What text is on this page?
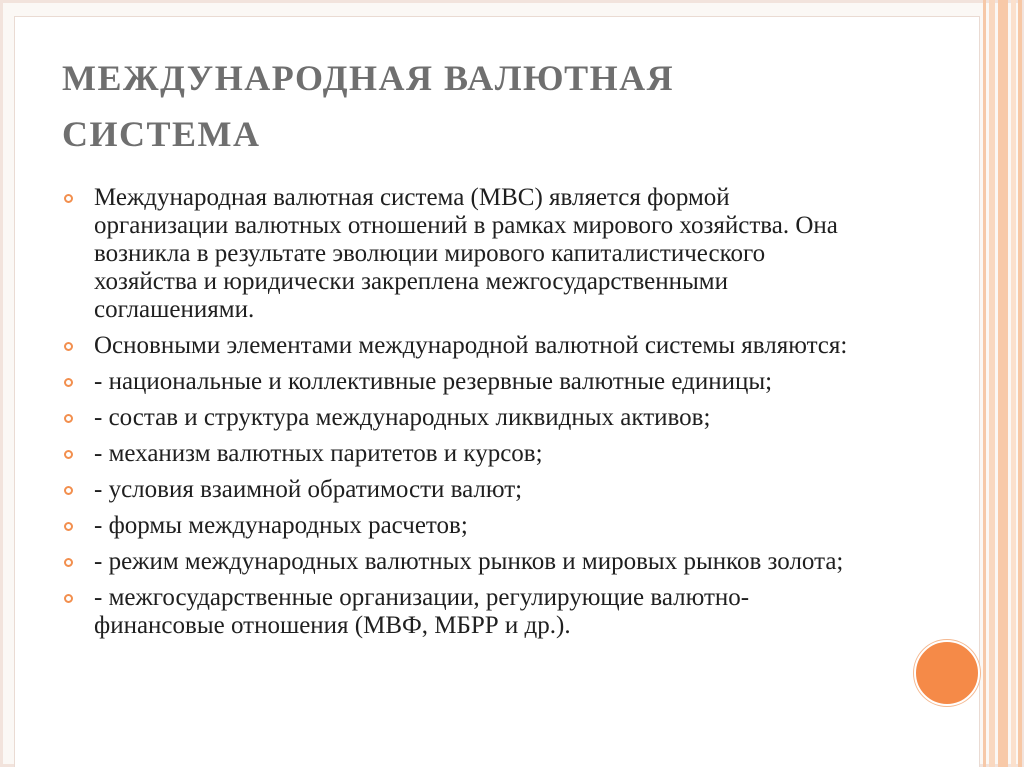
МЕЖДУНАРОДНАЯ ВАЛЮТНАЯ СИСТЕМА
Международная валютная система (МВС) является формой организации валютных отношений в рамках мирового хозяйства. Она возникла в результате эволюции мирового капиталистического хозяйства и юридически закреплена межгосударственными соглашениями.
Основными элементами международной валютной системы являются:
- национальные и коллективные резервные валютные единицы;
- состав и структура международных ликвидных активов;
- механизм валютных паритетов и курсов;
- условия взаимной обратимости валют;
- формы международных расчетов;
- режим международных валютных рынков и мировых рынков золота;
- межгосударственные организации, регулирующие валютно-финансовые отношения (МВФ, МБРР и др.).
